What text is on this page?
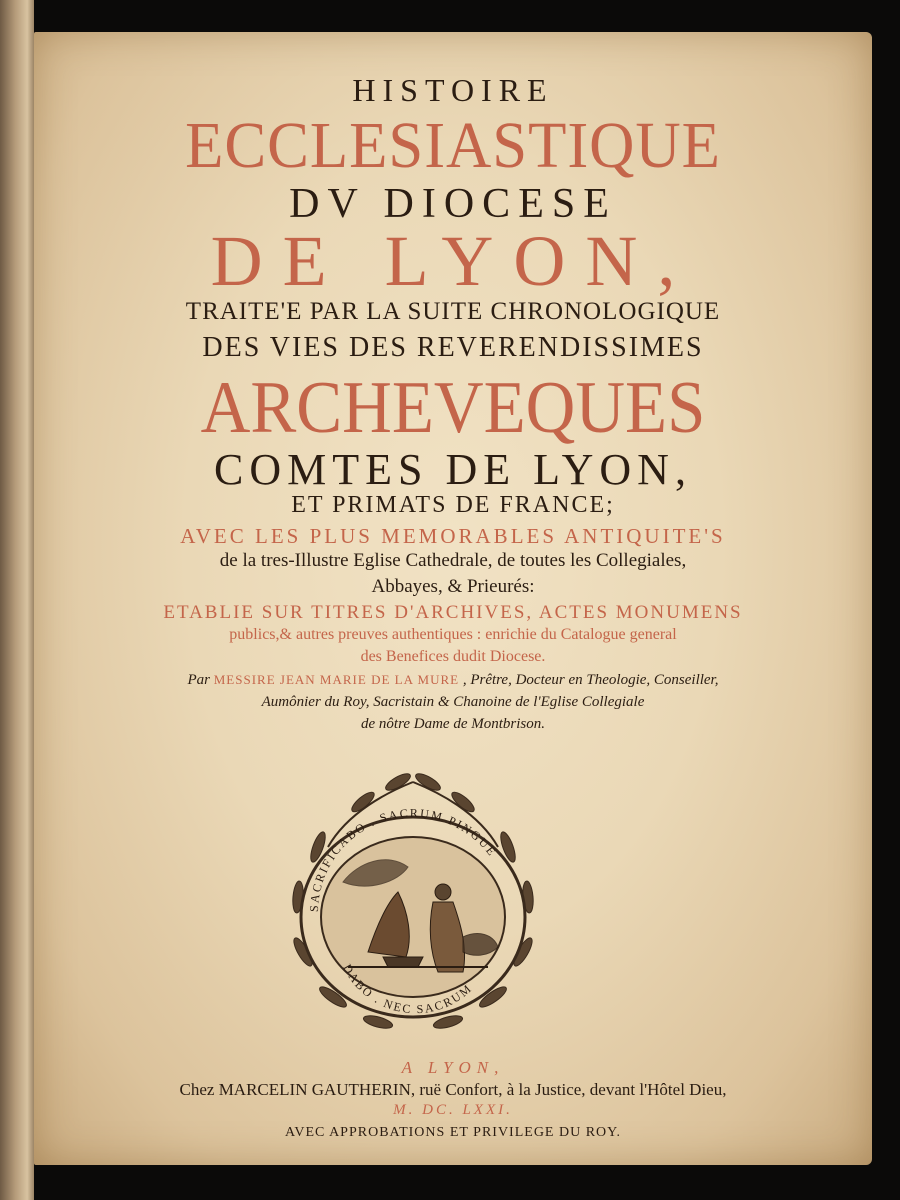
HISTOIRE
ECCLESIASTIQUE
DV DIOCESE
DE LYON,
TRAITE'E PAR LA SUITE CHRONOLOGIQUE
DES VIES DES REVERENDISSIMES
ARCHEVEQUES
COMTES DE LYON,
ET PRIMATS DE FRANCE;
AVEC LES PLUS MEMORABLES ANTIQUITE'S
de la tres-Illustre Eglise Cathedrale, de toutes les Collegiales,
Abbayes, & Prieurés:
ETABLIE SUR TITRES D'ARCHIVES, ACTES MONUMENS
publics,& autres preuves authentiques : enrichie du Catalogue general
des Benefices dudit Diocese.
Par MESSIRE JEAN MARIE DE LA MURE , Prêtre, Docteur en Theologie, Conseiller,
Aumônier du Roy, Sacristain & Chanoine de l'Eglise Collegiale
de nôtre Dame de Montbrison.
SACRIFICABO . SACRUM PINGUE
DABO . NEC SACRUM
A LYON,
Chez MARCELIN GAUTHERIN, ruë Confort, à la Justice, devant l'Hôtel Dieu,
M. DC. LXXI.
AVEC APPROBATIONS ET PRIVILEGE DU ROY.
